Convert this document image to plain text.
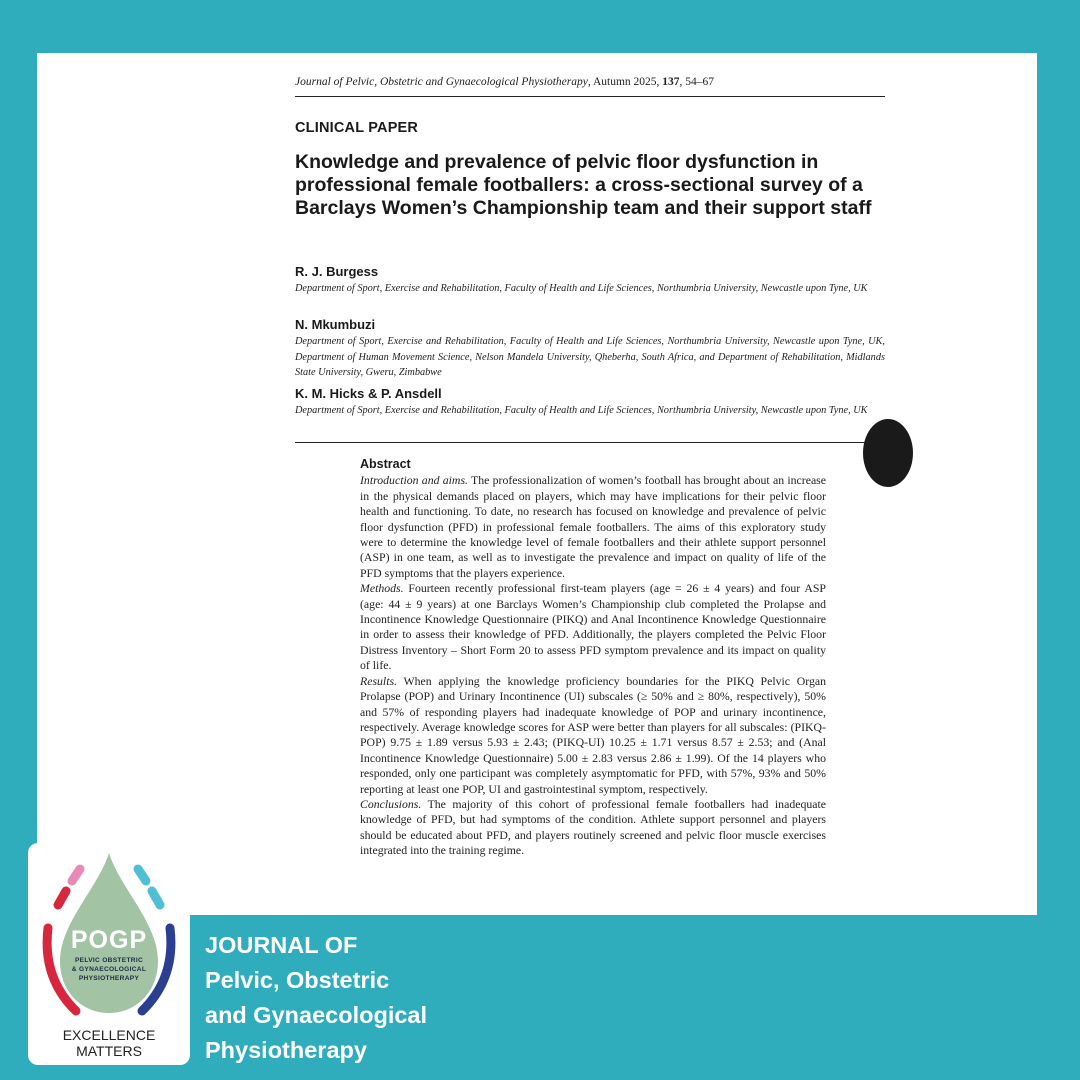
Journal of Pelvic, Obstetric and Gynaecological Physiotherapy, Autumn 2025, 137, 54–67
CLINICAL PAPER
Knowledge and prevalence of pelvic floor dysfunction in professional female footballers: a cross-sectional survey of a Barclays Women’s Championship team and their support staff
R. J. Burgess
Department of Sport, Exercise and Rehabilitation, Faculty of Health and Life Sciences, Northumbria University, Newcastle upon Tyne, UK
N. Mkumbuzi
Department of Sport, Exercise and Rehabilitation, Faculty of Health and Life Sciences, Northumbria University, Newcastle upon Tyne, UK, Department of Human Movement Science, Nelson Mandela University, Qheberha, South Africa, and Department of Rehabilitation, Midlands State University, Gweru, Zimbabwe
K. M. Hicks & P. Ansdell
Department of Sport, Exercise and Rehabilitation, Faculty of Health and Life Sciences, Northumbria University, Newcastle upon Tyne, UK
Abstract

Introduction and aims. The professionalization of women’s football has brought about an increase in the physical demands placed on players, which may have implications for their pelvic floor health and functioning. To date, no research has focused on knowledge and prevalence of pelvic floor dysfunction (PFD) in professional female footballers. The aims of this exploratory study were to determine the knowledge level of female footballers and their athlete support personnel (ASP) in one team, as well as to investigate the prevalence and impact on quality of life of the PFD symptoms that the players experience.

Methods. Fourteen recently professional first-team players (age = 26 ± 4 years) and four ASP (age: 44 ± 9 years) at one Barclays Women’s Championship club completed the Prolapse and Incontinence Knowledge Questionnaire (PIKQ) and Anal Incontinence Knowledge Questionnaire in order to assess their knowledge of PFD. Additionally, the players completed the Pelvic Floor Distress Inventory – Short Form 20 to assess PFD symptom prevalence and its impact on quality of life.

Results. When applying the knowledge proficiency boundaries for the PIKQ Pelvic Organ Prolapse (POP) and Urinary Incontinence (UI) subscales (≥ 50% and ≥ 80%, respectively), 50% and 57% of responding players had inadequate knowledge of POP and urinary incontinence, respectively. Average knowledge scores for ASP were better than players for all subscales: (PIKQ-POP) 9.75 ± 1.89 versus 5.93 ± 2.43; (PIKQ-UI) 10.25 ± 1.71 versus 8.57 ± 2.53; and (Anal Incontinence Knowledge Questionnaire) 5.00 ± 2.83 versus 2.86 ± 1.99). Of the 14 players who responded, only one participant was completely asymptomatic for PFD, with 57%, 93% and 50% reporting at least one POP, UI and gastrointestinal symptom, respectively.

Conclusions. The majority of this cohort of professional female footballers had inadequate knowledge of PFD, but had symptoms of the condition. Athlete support personnel and players should be educated about PFD, and players routinely screened and pelvic floor muscle exercises integrated into the training regime.

POGP
PELVIC OBSTETRIC
& GYNAECOLOGICAL
PHYSIOTHERAPY
EXCELLENCE
MATTERS
JOURNAL OF
Pelvic, Obstetric
and Gynaecological
Physiotherapy
